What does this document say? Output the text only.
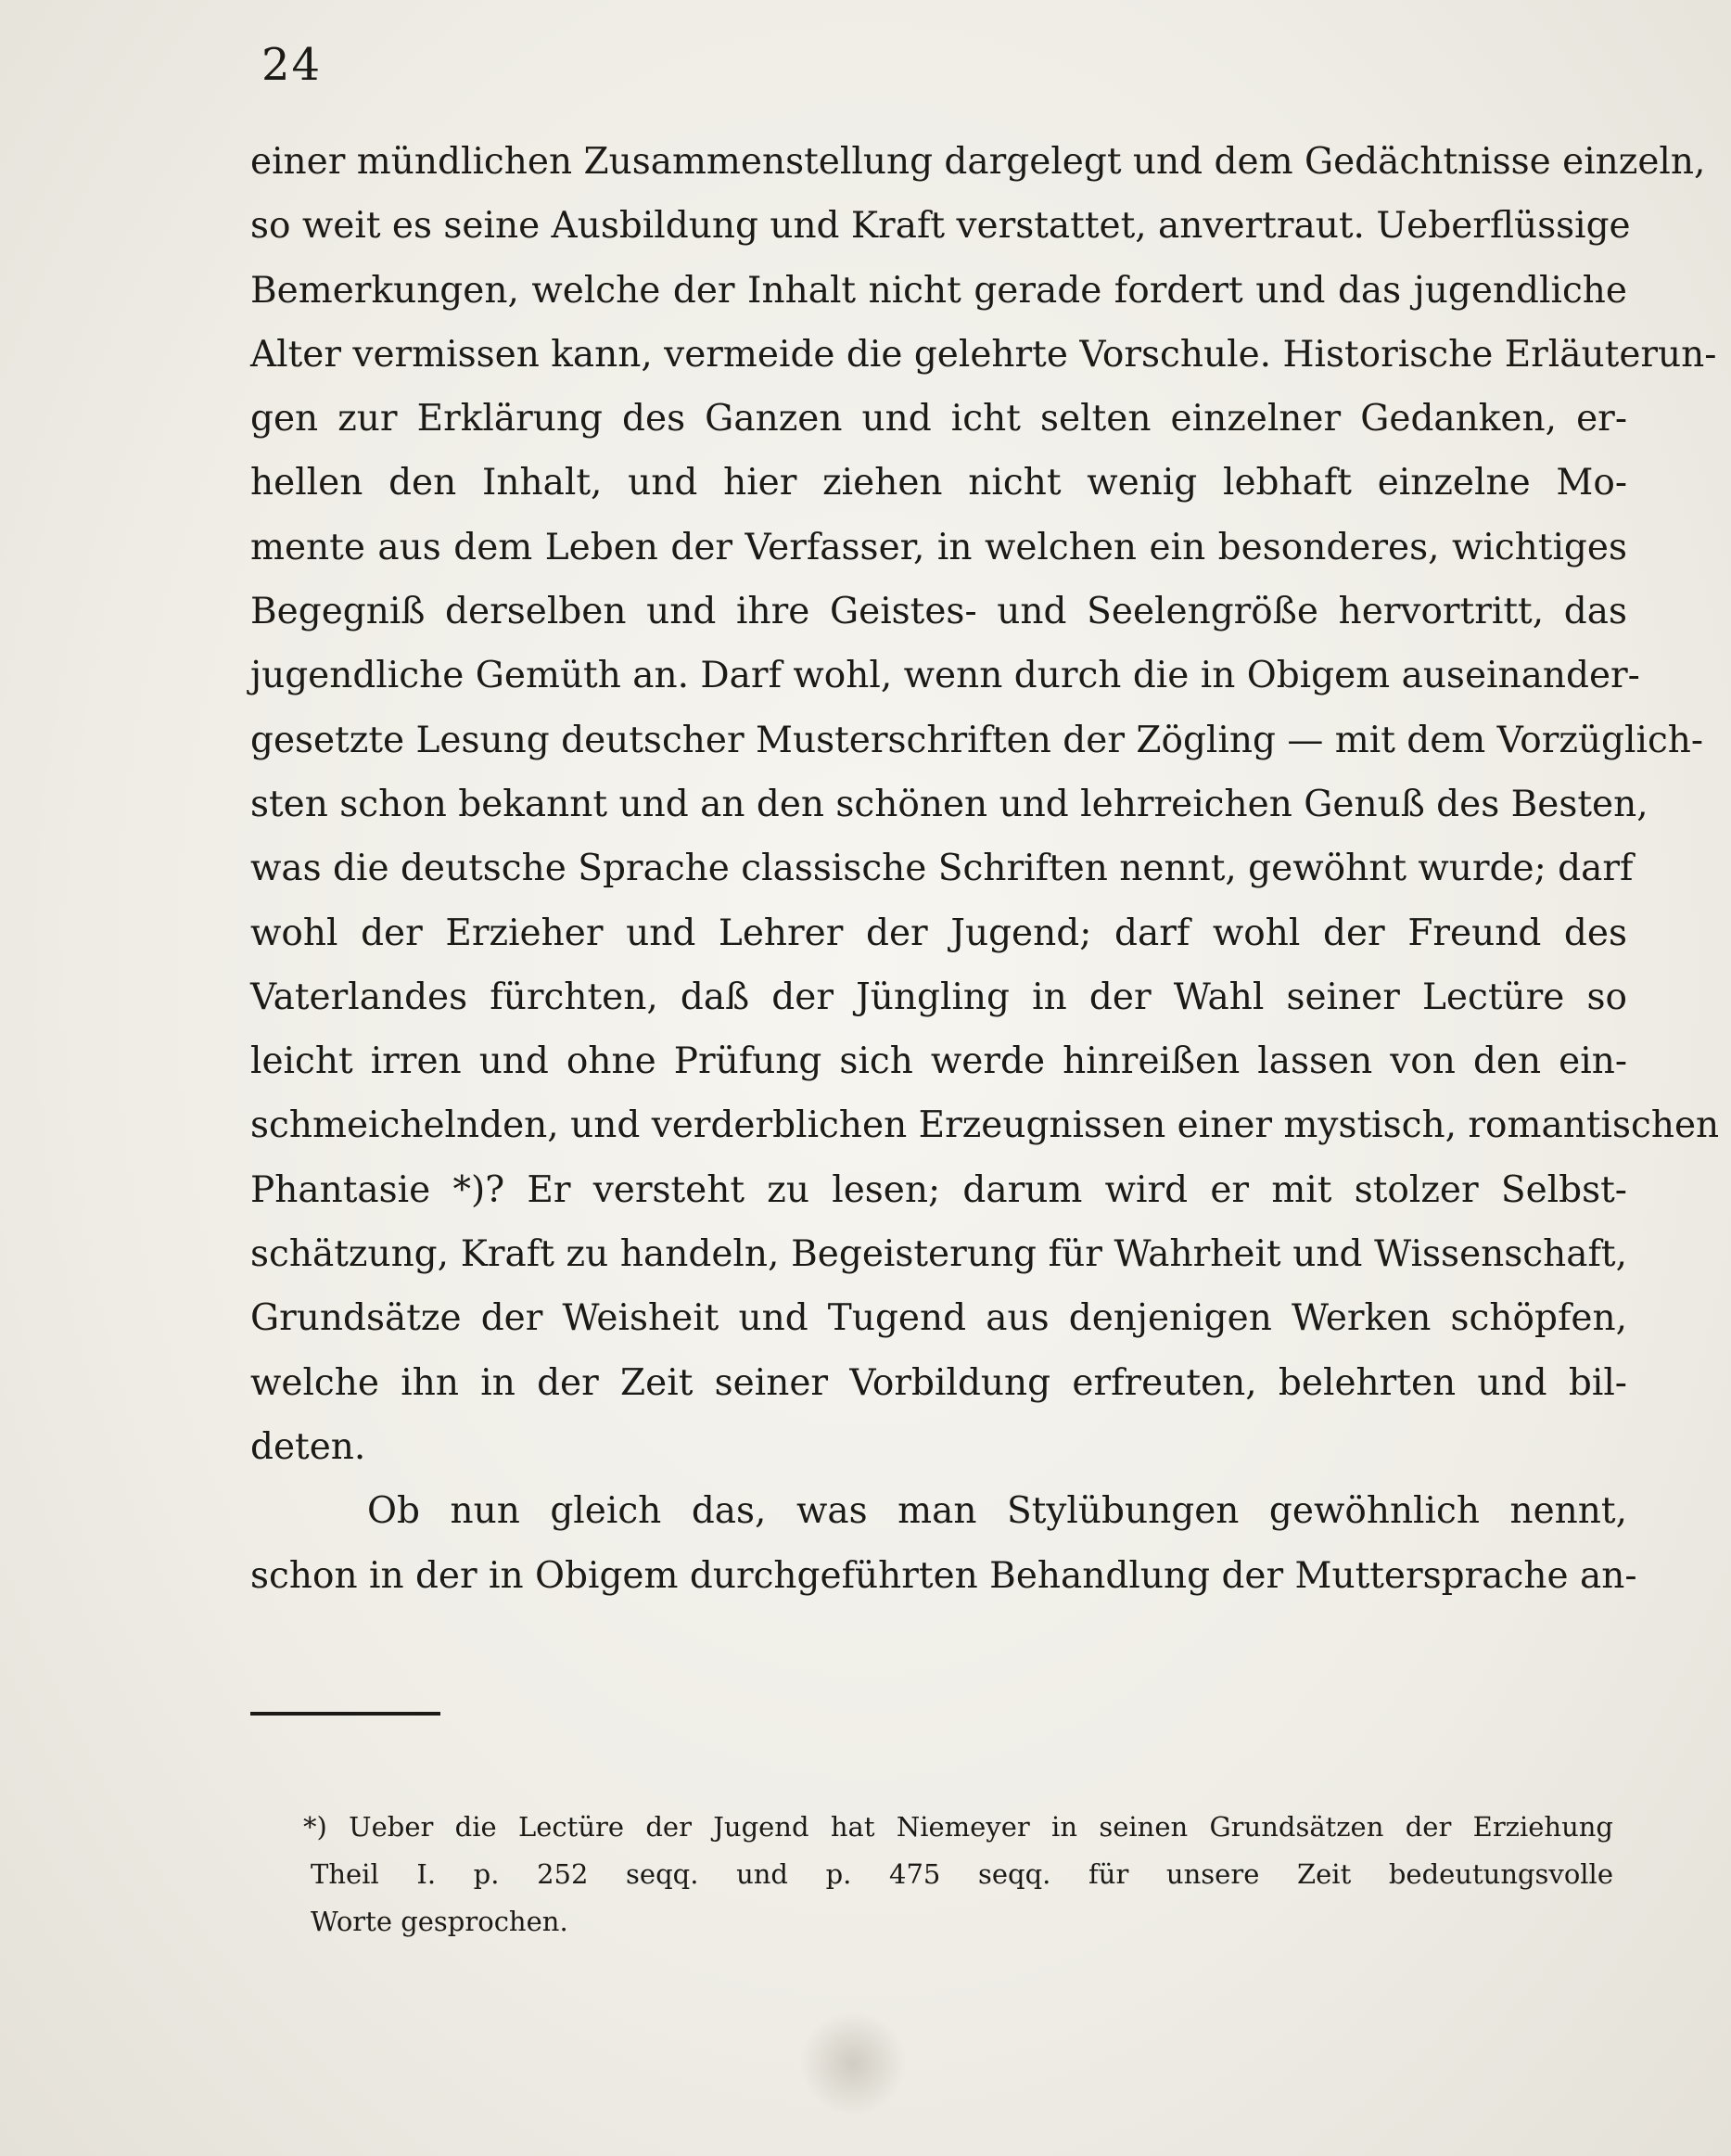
24
einer mündlichen Zusammenstellung dargelegt und dem Gedächtnisse einzeln,
so weit es seine Ausbildung und Kraft verstattet, anvertraut. Ueberflüssige
Bemerkungen, welche der Inhalt nicht gerade fordert und das jugendliche
Alter vermissen kann, vermeide die gelehrte Vorschule. Historische Erläuterun-
gen zur Erklärung des Ganzen und icht selten einzelner Gedanken, er-
hellen den Inhalt, und hier ziehen nicht wenig lebhaft einzelne Mo-
mente aus dem Leben der Verfasser, in welchen ein besonderes, wichtiges
Begegniß derselben und ihre Geistes- und Seelengröße hervortritt, das
jugendliche Gemüth an. Darf wohl, wenn durch die in Obigem auseinander-
gesetzte Lesung deutscher Musterschriften der Zögling — mit dem Vorzüglich-
sten schon bekannt und an den schönen und lehrreichen Genuß des Besten,
was die deutsche Sprache classische Schriften nennt, gewöhnt wurde; darf
wohl der Erzieher und Lehrer der Jugend; darf wohl der Freund des
Vaterlandes fürchten, daß der Jüngling in der Wahl seiner Lectüre so
leicht irren und ohne Prüfung sich werde hinreißen lassen von den ein-
schmeichelnden, und verderblichen Erzeugnissen einer mystisch, romantischen
Phantasie *)? Er versteht zu lesen; darum wird er mit stolzer Selbst-
schätzung, Kraft zu handeln, Begeisterung für Wahrheit und Wissenschaft,
Grundsätze der Weisheit und Tugend aus denjenigen Werken schöpfen,
welche ihn in der Zeit seiner Vorbildung erfreuten, belehrten und bil-
deten.
Ob nun gleich das, was man Stylübungen gewöhnlich nennt,
schon in der in Obigem durchgeführten Behandlung der Muttersprache an-
*) Ueber die Lectüre der Jugend hat Niemeyer in seinen Grundsätzen der Erziehung
Theil I. p. 252 seqq. und p. 475 seqq. für unsere Zeit bedeutungsvolle
Worte gesprochen.
